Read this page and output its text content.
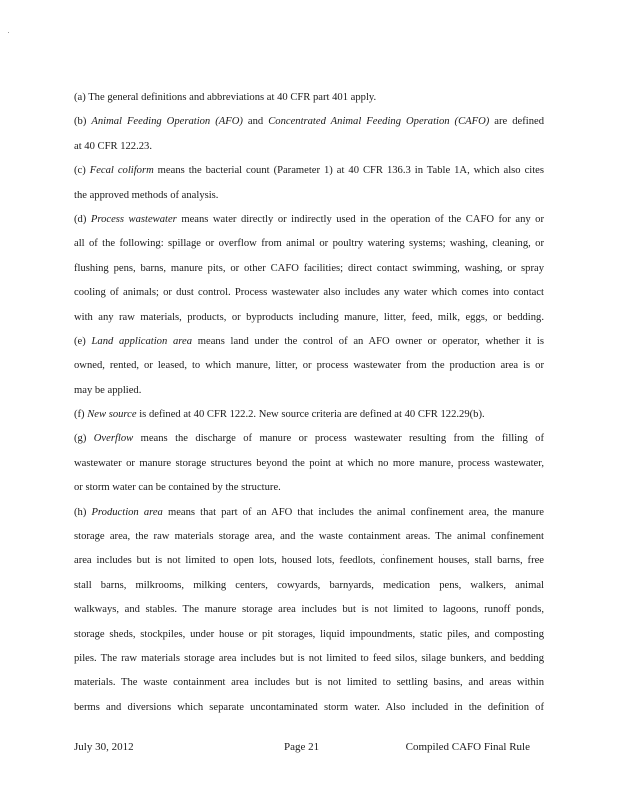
(a) The general definitions and abbreviations at 40 CFR part 401 apply.
(b) Animal Feeding Operation (AFO) and Concentrated Animal Feeding Operation (CAFO) are defined
at 40 CFR 122.23.
(c) Fecal coliform means the bacterial count (Parameter 1) at 40 CFR 136.3 in Table 1A, which also cites
the approved methods of analysis.
(d) Process wastewater means water directly or indirectly used in the operation of the CAFO for any or
all of the following: spillage or overflow from animal or poultry watering systems; washing, cleaning, or
flushing pens, barns, manure pits, or other CAFO facilities; direct contact swimming, washing, or spray
cooling of animals; or dust control. Process wastewater also includes any water which comes into contact
with any raw materials, products, or byproducts including manure, litter, feed, milk, eggs, or bedding.
(e) Land application area means land under the control of an AFO owner or operator, whether it is
owned, rented, or leased, to which manure, litter, or process wastewater from the production area is or
may be applied.
(f) New source is defined at 40 CFR 122.2. New source criteria are defined at 40 CFR 122.29(b).
(g) Overflow means the discharge of manure or process wastewater resulting from the filling of
wastewater or manure storage structures beyond the point at which no more manure, process wastewater,
or storm water can be contained by the structure.
(h) Production area means that part of an AFO that includes the animal confinement area, the manure
storage area, the raw materials storage area, and the waste containment areas. The animal confinement
area includes but is not limited to open lots, housed lots, feedlots, confinement houses, stall barns, free
stall barns, milkrooms, milking centers, cowyards, barnyards, medication pens, walkers, animal
walkways, and stables. The manure storage area includes but is not limited to lagoons, runoff ponds,
storage sheds, stockpiles, under house or pit storages, liquid impoundments, static piles, and composting
piles. The raw materials storage area includes but is not limited to feed silos, silage bunkers, and bedding
materials. The waste containment area includes but is not limited to settling basins, and areas within
berms and diversions which separate uncontaminated storm water. Also included in the definition of
July 30, 2012	Page 21	Compiled CAFO Final Rule
